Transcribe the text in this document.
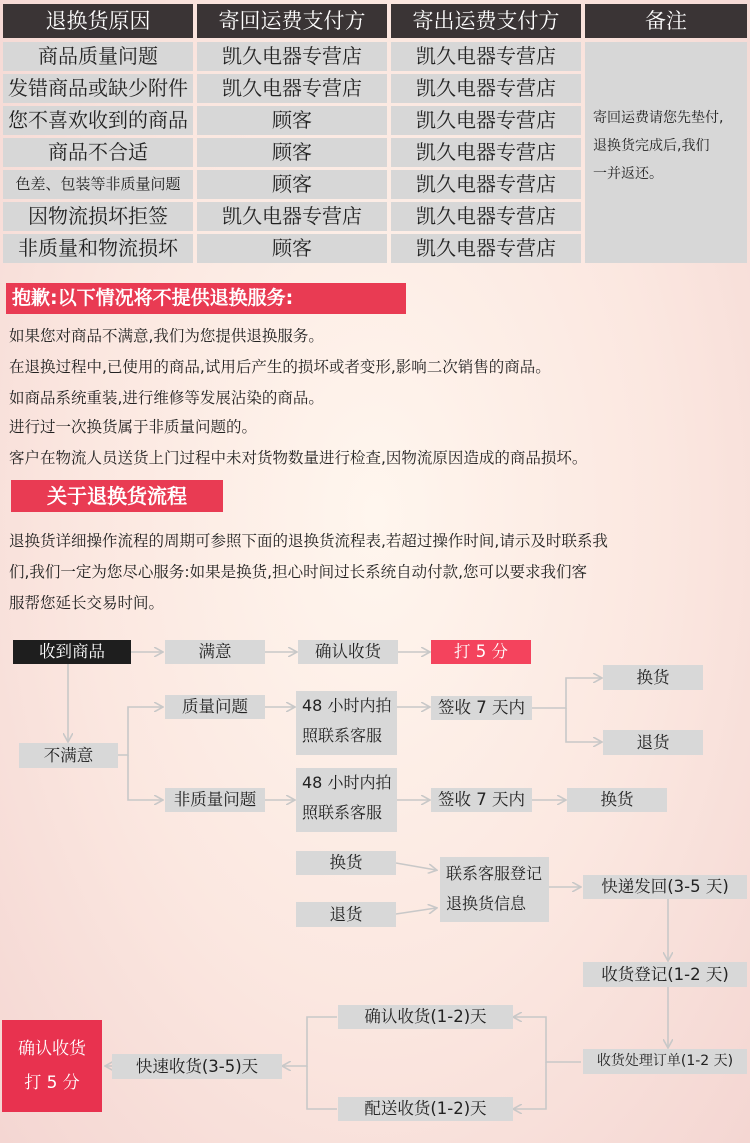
退换货原因	寄回运费支付方	寄出运费支付方	备注
商品质量问题	凯久电器专营店	凯久电器专营店
发错商品或缺少附件	凯久电器专营店	凯久电器专营店
您不喜欢收到的商品	顾客	凯久电器专营店
商品不合适	顾客	凯久电器专营店
色差、包装等非质量问题	顾客	凯久电器专营店
因物流损坏拒签	凯久电器专营店	凯久电器专营店
非质量和物流损坏	顾客	凯久电器专营店
寄回运费请您先垫付,
退换货完成后,我们
一并返还。
抱歉:以下情况将不提供退换服务:
如果您对商品不满意,我们为您提供退换服务。
在退换过程中,已使用的商品,试用后产生的损坏或者变形,影响二次销售的商品。
如商品系统重装,进行维修等发展沾染的商品。
进行过一次换货属于非质量问题的。
客户在物流人员送货上门过程中未对货物数量进行检查,因物流原因造成的商品损坏。
关于退换货流程
退换货详细操作流程的周期可参照下面的退换货流程表,若超过操作时间,请示及时联系我
们,我们一定为您尽心服务:如果是换货,担心时间过长系统自动付款,您可以要求我们客
服帮您延长交易时间。
收到商品	满意	确认收货	打 5 分
不满意
质量问题	48 小时内拍
照联系客服
签收 7 天内
换货
退货
非质量问题
48 小时内拍
照联系客服
签收 7 天内	换货
换货
退货
联系客服登记
退换货信息
快递发回(3-5 天)
收货登记(1-2 天)
收货处理订单(1-2 天)
确认收货(1-2)天
配送收货(1-2)天
快速收货(3-5)天
确认收货
打 5 分
